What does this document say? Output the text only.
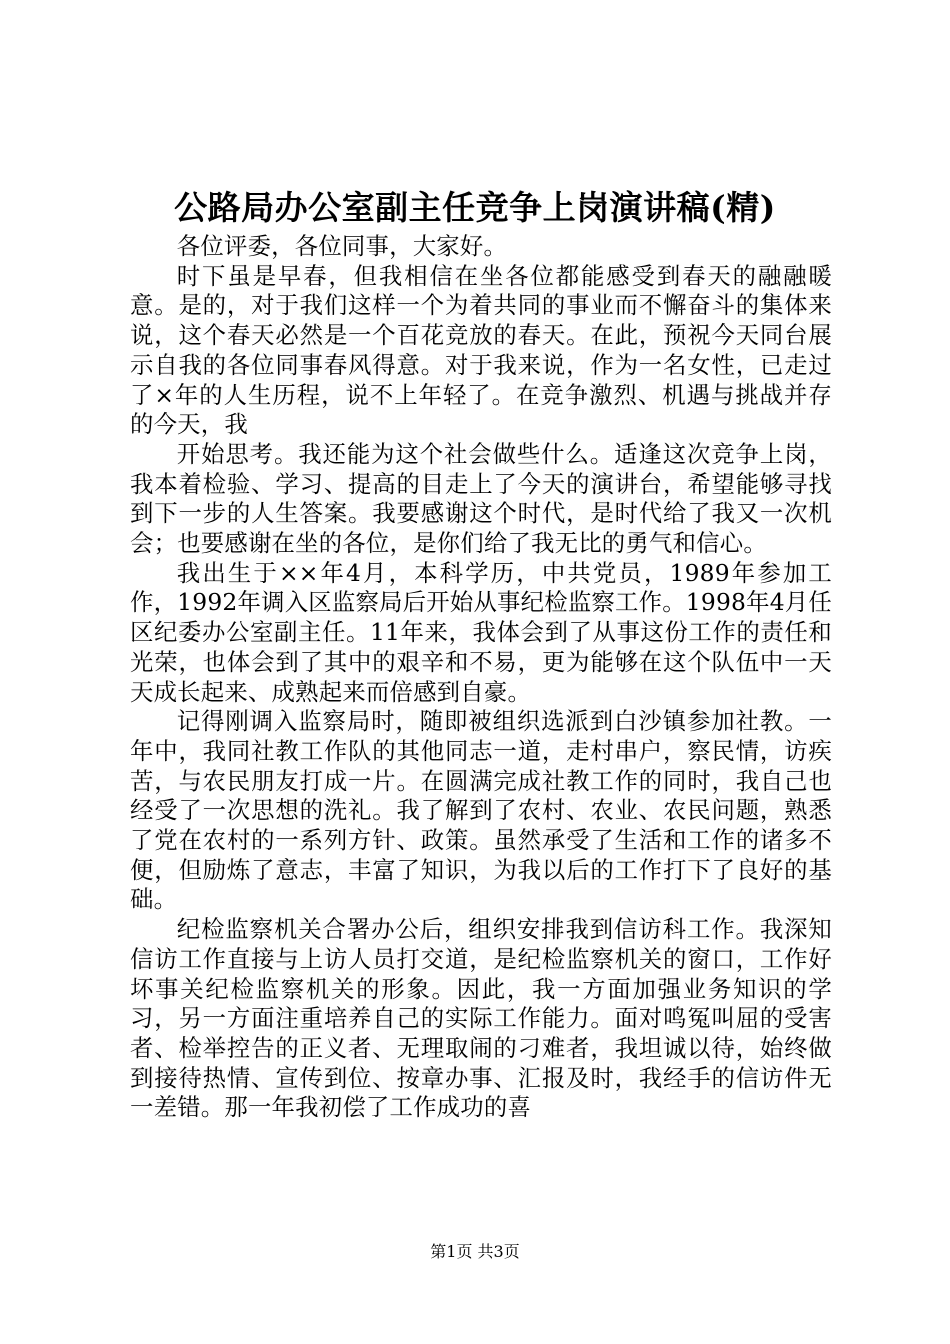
公路局办公室副主任竞争上岗演讲稿(精)

各位评委，各位同事，大家好。

时下虽是早春，但我相信在坐各位都能感受到春天的融融暖意。是的，对于我们这样一个为着共同的事业而不懈奋斗的集体来说，这个春天必然是一个百花竞放的春天。在此，预祝今天同台展示自我的各位同事春风得意。对于我来说，作为一名女性，已走过了×年的人生历程，说不上年轻了。在竞争激烈、机遇与挑战并存的今天，我

开始思考。我还能为这个社会做些什么。适逢这次竞争上岗，我本着检验、学习、提高的目走上了今天的演讲台，希望能够寻找到下一步的人生答案。我要感谢这个时代，是时代给了我又一次机会；也要感谢在坐的各位，是你们给了我无比的勇气和信心。

我出生于××年4月，本科学历，中共党员，1989年参加工作，1992年调入区监察局后开始从事纪检监察工作。1998年4月任区纪委办公室副主任。11年来，我体会到了从事这份工作的责任和光荣，也体会到了其中的艰辛和不易，更为能够在这个队伍中一天天成长起来、成熟起来而倍感到自豪。

记得刚调入监察局时，随即被组织选派到白沙镇参加社教。一年中，我同社教工作队的其他同志一道，走村串户，察民情，访疾苦，与农民朋友打成一片。在圆满完成社教工作的同时，我自己也经受了一次思想的洗礼。我了解到了农村、农业、农民问题，熟悉了党在农村的一系列方针、政策。虽然承受了生活和工作的诸多不便，但励炼了意志，丰富了知识，为我以后的工作打下了良好的基础。

纪检监察机关合署办公后，组织安排我到信访科工作。我深知信访工作直接与上访人员打交道，是纪检监察机关的窗口，工作好坏事关纪检监察机关的形象。因此，我一方面加强业务知识的学习，另一方面注重培养自己的实际工作能力。面对鸣冤叫屈的受害者、检举控告的正义者、无理取闹的刁难者，我坦诚以待，始终做到接待热情、宣传到位、按章办事、汇报及时，我经手的信访件无一差错。那一年我初偿了工作成功的喜

第1页 共3页
